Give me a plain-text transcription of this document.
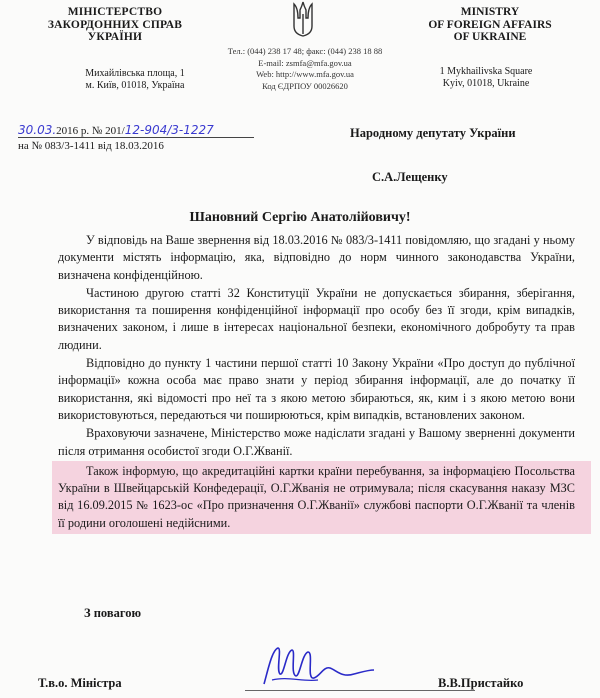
МІНІСТЕРСТВО
ЗАКОРДОННИХ СПРАВ
УКРАЇНИ
MINISTRY
OF FOREIGN AFFAIRS
OF UKRAINE
Михайлівська площа, 1
м. Київ, 01018, Україна
Тел.: (044) 238 17 48; факс: (044) 238 18 88
E-mail: zsmfa@mfa.gov.ua
Web: http://www.mfa.gov.ua
Код ЄДРПОУ 00026620
1 Mykhailivska Square
Kyiv, 01018, Ukraine
30.03.2016 р. № 201/12-904/3-1227
на № 083/3-1411 від 18.03.2016
Народному депутату України
С.А.Лещенку
Шановний Сергію Анатолійовичу!

У відповідь на Ваше звернення від 18.03.2016 № 083/3-1411 повідомляю, що згадані у ньому документи містять інформацію, яка, відповідно до норм чинного законодавства України, визначена конфіденційною.

Частиною другою статті 32 Конституції України не допускається збирання, зберігання, використання та поширення конфіденційної інформації про особу без її згоди, крім випадків, визначених законом, і лише в інтересах національної безпеки, економічного добробуту та прав людини.

Відповідно до пункту 1 частини першої статті 10 Закону України «Про доступ до публічної інформації» кожна особа має право знати у період збирання інформації, але до початку її використання, які відомості про неї та з якою метою збираються, як, ким і з якою метою вони використовуються, передаються чи поширюються, крім випадків, встановлених законом.

Враховуючи зазначене, Міністерство може надіслати згадані у Вашому зверненні документи після отримання особистої згоди О.Г.Жванії.

Також інформую, що акредитаційні картки країни перебування, за інформацією Посольства України в Швейцарській Конфедерації, О.Г.Жванія не отримувала; після скасування наказу МЗС від 16.09.2015 № 1623-ос «Про призначення О.Г.Жванії» службові паспорти О.Г.Жванії та членів її родини оголошені недійсними.

З повагою
Т.в.о. Міністра	В.В.Пристайко
